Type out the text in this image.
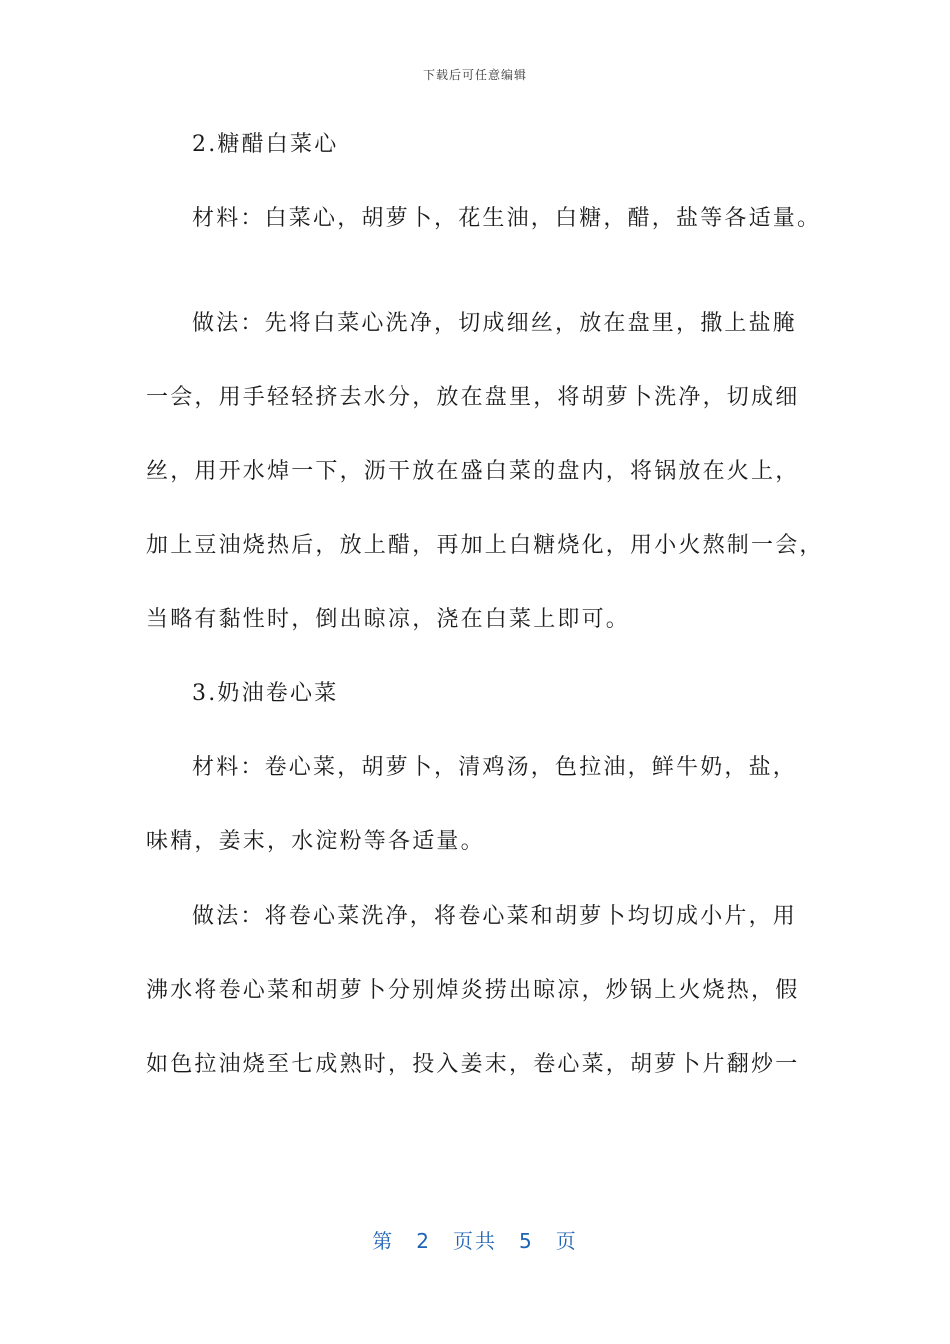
下载后可任意编辑

2.糖醋白菜心

材料：白菜心，胡萝卜，花生油，白糖，醋，盐等各适量。

做法：先将白菜心洗净，切成细丝，放在盘里，撒上盐腌

一会，用手轻轻挤去水分，放在盘里，将胡萝卜洗净，切成细

丝，用开水焯一下，沥干放在盛白菜的盘内，将锅放在火上，

加上豆油烧热后，放上醋，再加上白糖烧化，用小火熬制一会，

当略有黏性时，倒出晾凉，浇在白菜上即可。

3.奶油卷心菜

材料：卷心菜，胡萝卜，清鸡汤，色拉油，鲜牛奶，盐，

味精，姜末，水淀粉等各适量。

做法：将卷心菜洗净，将卷心菜和胡萝卜均切成小片，用

沸水将卷心菜和胡萝卜分别焯炎捞出晾凉，炒锅上火烧热，假

如色拉油烧至七成熟时，投入姜末，卷心菜，胡萝卜片翻炒一

第 2 页共 5 页
